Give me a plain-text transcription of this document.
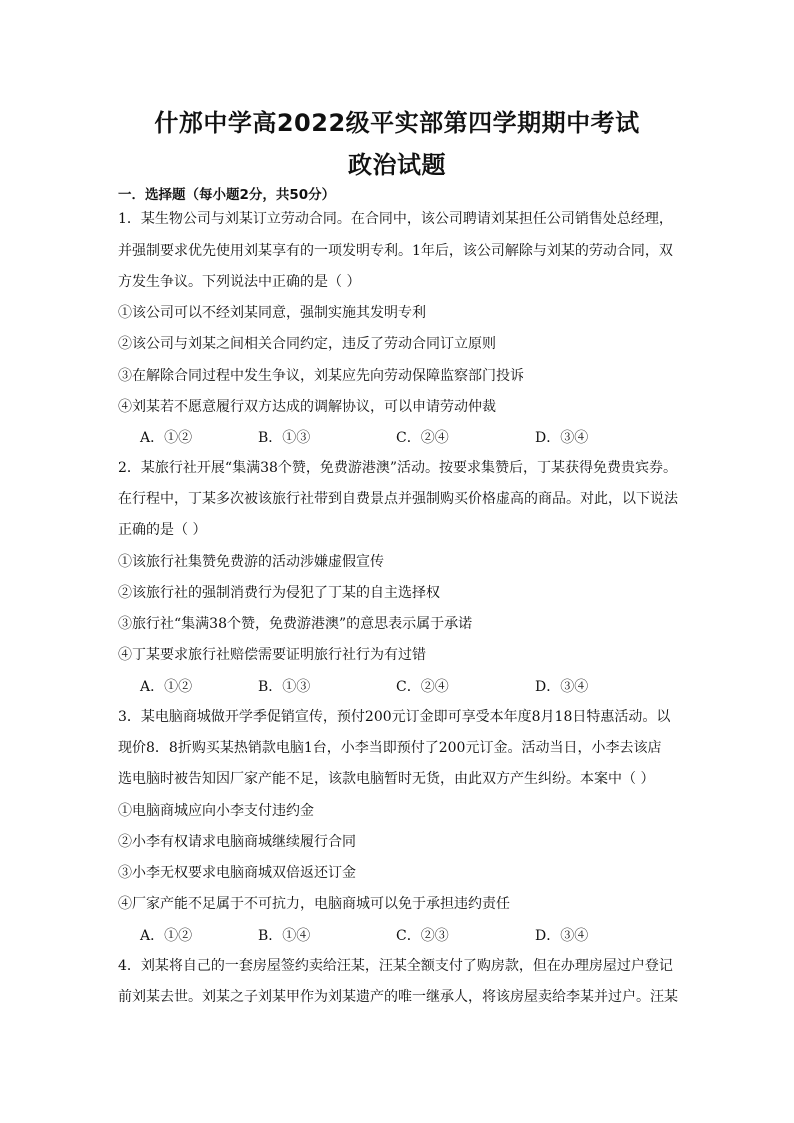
什邡中学高2022级平实部第四学期期中考试
政治试题
一．选择题（每小题2分，共50分）
1．某生物公司与刘某订立劳动合同。在合同中，该公司聘请刘某担任公司销售处总经理，
并强制要求优先使用刘某享有的一项发明专利。1年后，该公司解除与刘某的劳动合同，双
方发生争议。下列说法中正确的是（ ）
①该公司可以不经刘某同意，强制实施其发明专利
②该公司与刘某之间相关合同约定，违反了劳动合同订立原则
③在解除合同过程中发生争议，刘某应先向劳动保障监察部门投诉
④刘某若不愿意履行双方达成的调解协议，可以申请劳动仲裁
A．①②	B．①③	C．②④	D．③④
2．某旅行社开展“集满38个赞，免费游港澳”活动。按要求集赞后，丁某获得免费贵宾券。
在行程中，丁某多次被该旅行社带到自费景点并强制购买价格虚高的商品。对此，以下说法
正确的是（ ）
①该旅行社集赞免费游的活动涉嫌虚假宣传
②该旅行社的强制消费行为侵犯了丁某的自主选择权
③旅行社“集满38个赞，免费游港澳”的意思表示属于承诺
④丁某要求旅行社赔偿需要证明旅行社行为有过错
A．①②	B．①③	C．②④	D．③④
3．某电脑商城做开学季促销宣传，预付200元订金即可享受本年度8月18日特惠活动。以
现价8．8折购买某热销款电脑1台，小李当即预付了200元订金。活动当日，小李去该店
选电脑时被告知因厂家产能不足，该款电脑暂时无货，由此双方产生纠纷。本案中（ ）
①电脑商城应向小李支付违约金
②小李有权请求电脑商城继续履行合同
③小李无权要求电脑商城双倍返还订金
④厂家产能不足属于不可抗力，电脑商城可以免于承担违约责任
A．①②	B．①④	C．②③	D．③④
4．刘某将自己的一套房屋签约卖给汪某，汪某全额支付了购房款，但在办理房屋过户登记
前刘某去世。刘某之子刘某甲作为刘某遗产的唯一继承人，将该房屋卖给李某并过户。汪某
